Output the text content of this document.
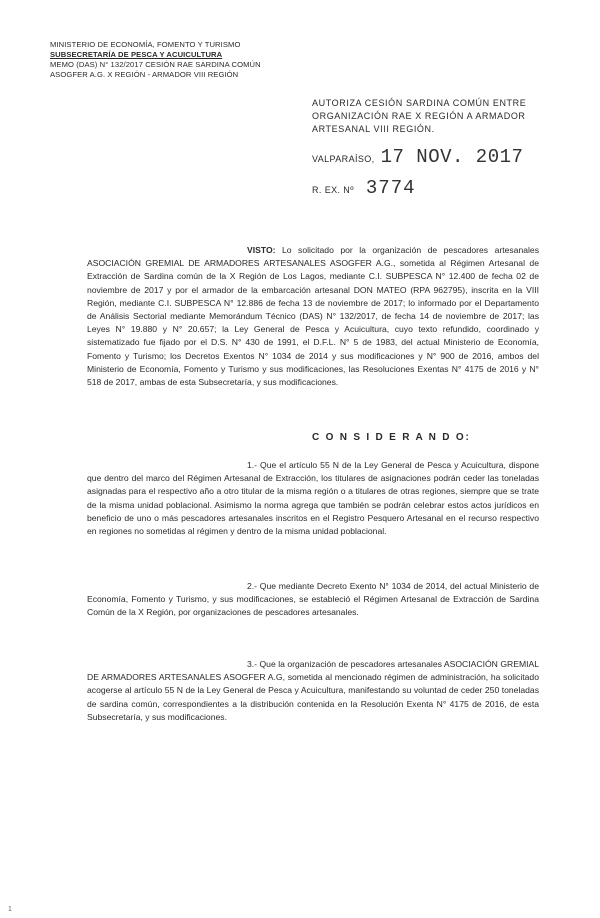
MINISTERIO DE ECONOMÍA, FOMENTO Y TURISMO
SUBSECRETARÍA DE PESCA Y ACUICULTURA
MEMO (DAS) N° 132/2017 CESIÓN RAE SARDINA COMÚN
ASOGFER A.G. X REGIÓN - ARMADOR VIII REGIÓN
AUTORIZA CESIÓN SARDINA COMÚN ENTRE ORGANIZACIÓN RAE X REGIÓN A ARMADOR ARTESANAL VIII REGIÓN.
VALPARAÍSO, 17 NOV. 2017
R. EX. Nº 3774
VISTO: Lo solicitado por la organización de pescadores artesanales ASOCIACIÓN GREMIAL DE ARMADORES ARTESANALES ASOGFER A.G., sometida al Régimen Artesanal de Extracción de Sardina común de la X Región de Los Lagos, mediante C.I. SUBPESCA N° 12.400 de fecha 02 de noviembre de 2017 y por el armador de la embarcación artesanal DON MATEO (RPA 962795), inscrita en la VIII Región, mediante C.I. SUBPESCA N° 12.886 de fecha 13 de noviembre de 2017; lo informado por el Departamento de Análisis Sectorial mediante Memorándum Técnico (DAS) N° 132/2017, de fecha 14 de noviembre de 2017; las Leyes N° 19.880 y N° 20.657; la Ley General de Pesca y Acuicultura, cuyo texto refundido, coordinado y sistematizado fue fijado por el D.S. N° 430 de 1991, el D.F.L. N° 5 de 1983, del actual Ministerio de Economía, Fomento y Turismo; los Decretos Exentos N° 1034 de 2014 y sus modificaciones y N° 900 de 2016, ambos del Ministerio de Economía, Fomento y Turismo y sus modificaciones, las Resoluciones Exentas N° 4175 de 2016 y N° 518 de 2017, ambas de esta Subsecretaría, y sus modificaciones.
C O N S I D E R A N D O:
1.- Que el artículo 55 N de la Ley General de Pesca y Acuicultura, dispone que dentro del marco del Régimen Artesanal de Extracción, los titulares de asignaciones podrán ceder las toneladas asignadas para el respectivo año a otro titular de la misma región o a titulares de otras regiones, siempre que se trate de la misma unidad poblacional. Asimismo la norma agrega que también se podrán celebrar estos actos jurídicos en beneficio de uno o más pescadores artesanales inscritos en el Registro Pesquero Artesanal en el recurso respectivo en regiones no sometidas al régimen y dentro de la misma unidad poblacional.
2.- Que mediante Decreto Exento N° 1034 de 2014, del actual Ministerio de Economía, Fomento y Turismo, y sus modificaciones, se estableció el Régimen Artesanal de Extracción de Sardina Común de la X Región, por organizaciones de pescadores artesanales.
3.- Que la organización de pescadores artesanales ASOCIACIÓN GREMIAL DE ARMADORES ARTESANALES ASOGFER A.G, sometida al mencionado régimen de administración, ha solicitado acogerse al artículo 55 N de la Ley General de Pesca y Acuicultura, manifestando su voluntad de ceder 250 toneladas de sardina común, correspondientes a la distribución contenida en la Resolución Exenta N° 4175 de 2016, de esta Subsecretaría, y sus modificaciones.
1
